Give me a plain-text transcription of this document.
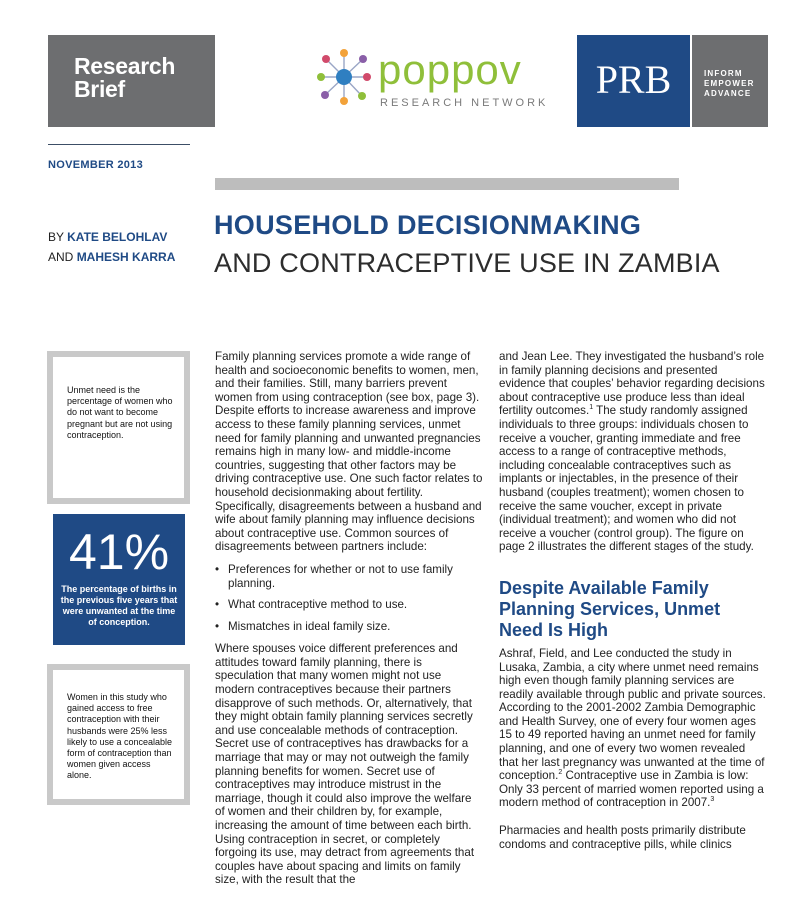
Research
Brief	poppov
RESEARCH NETWORK
PRB	INFORM
EMPOWER
ADVANCE
NOVEMBER 2013
BY KATE BELOHLAV
AND MAHESH KARRA
HOUSEHOLD DECISIONMAKING
AND CONTRACEPTIVE USE IN ZAMBIA
Unmet need is the percentage of women who do not want to become pregnant but are not using contraception.
41%
The percentage of births in the previous five years that were unwanted at the time of conception.
Women in this study who gained access to free contraception with their husbands were 25% less likely to use a concealable form of contraception than women given access alone.

Family planning services promote a wide range of health and socioeconomic benefits to women, men, and their families. Still, many barriers prevent women from using contraception (see box, page 3). Despite efforts to increase awareness and improve access to these family planning services, unmet need for family planning and unwanted pregnancies remains high in many low- and middle-income countries, suggesting that other factors may be driving contraceptive use. One such factor relates to household decisionmaking about fertility. Specifically, disagreements between a husband and wife about family planning may influence decisions about contraceptive use. Common sources of disagreements between partners include:

• Preferences for whether or not to use family planning.
• What contraceptive method to use.
• Mismatches in ideal family size.

Where spouses voice different preferences and attitudes toward family planning, there is speculation that many women might not use modern contraceptives because their partners disapprove of such methods. Or, alternatively, that they might obtain family planning services secretly and use concealable methods of contraception. Secret use of contraceptives has drawbacks for a marriage that may or may not outweigh the family planning benefits for women. Secret use of contraceptives may introduce mistrust in the marriage, though it could also improve the welfare of women and their children by, for example, increasing the amount of time between each birth. Using contraception in secret, or completely forgoing its use, may detract from agreements that couples have about spacing and limits on family size, with the result that the

and Jean Lee. They investigated the husband’s role in family planning decisions and presented evidence that couples’ behavior regarding decisions about contraceptive use produce less than ideal fertility outcomes.$^1$ The study randomly assigned individuals to three groups: individuals chosen to receive a voucher, granting immediate and free access to a range of contraceptive methods, including concealable contraceptives such as implants or injectables, in the presence of their husband (couples treatment); women chosen to receive the same voucher, except in private (individual treatment); and women who did not receive a voucher (control group). The figure on page 2 illustrates the different stages of the study.

Despite Available Family Planning Services, Unmet Need Is High

Ashraf, Field, and Lee conducted the study in Lusaka, Zambia, a city where unmet need remains high even though family planning services are readily available through public and private sources. According to the 2001-2002 Zambia Demographic and Health Survey, one of every four women ages 15 to 49 reported having an unmet need for family planning, and one of every two women revealed that her last pregnancy was unwanted at the time of conception.$^2$ Contraceptive use in Zambia is low: Only 33 percent of married women reported using a modern method of contraception in 2007.$^3$

Pharmacies and health posts primarily distribute condoms and contraceptive pills, while clinics
